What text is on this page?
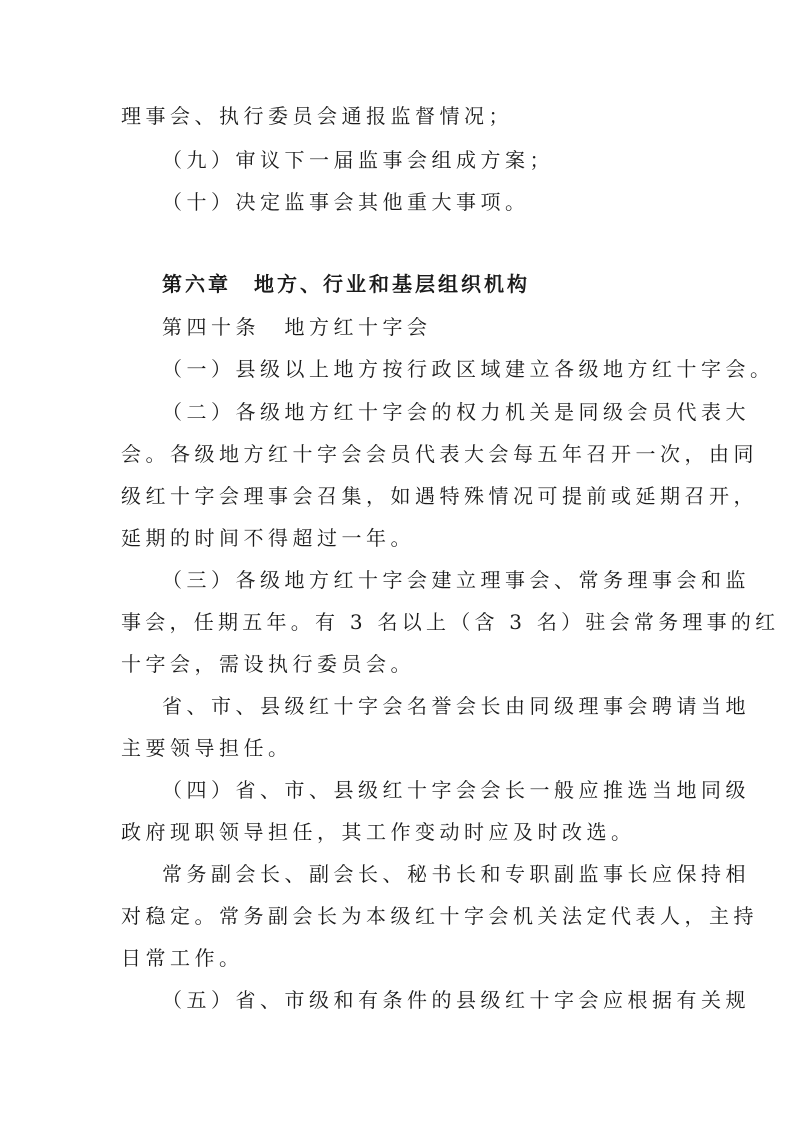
理事会、执行委员会通报监督情况；
（九）审议下一届监事会组成方案；
（十）决定监事会其他重大事项。
第六章　地方、行业和基层组织机构
第四十条　地方红十字会
（一）县级以上地方按行政区域建立各级地方红十字会。
（二）各级地方红十字会的权力机关是同级会员代表大
会。各级地方红十字会会员代表大会每五年召开一次，由同
级红十字会理事会召集，如遇特殊情况可提前或延期召开，
延期的时间不得超过一年。
（三）各级地方红十字会建立理事会、常务理事会和监
事会，任期五年。有 3 名以上（含 3 名）驻会常务理事的红
十字会，需设执行委员会。
省、市、县级红十字会名誉会长由同级理事会聘请当地
主要领导担任。
（四）省、市、县级红十字会会长一般应推选当地同级
政府现职领导担任，其工作变动时应及时改选。
常务副会长、副会长、秘书长和专职副监事长应保持相
对稳定。常务副会长为本级红十字会机关法定代表人，主持
日常工作。
（五）省、市级和有条件的县级红十字会应根据有关规
